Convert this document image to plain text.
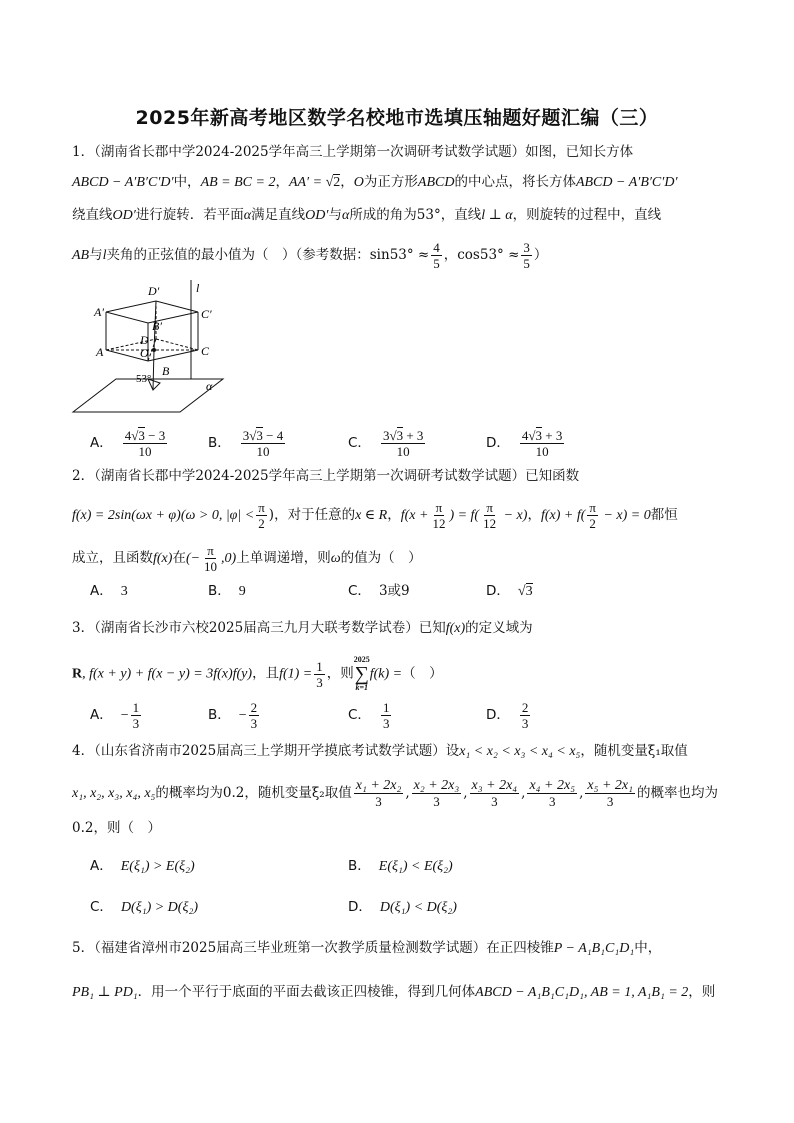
2025年新高考地区数学名校地市选填压轴题好题汇编（三）
1．（湖南省长郡中学2024-2025学年高三上学期第一次调研考试数学试题）如图，已知长方体
ABCD − A′B′C′D′中，AB = BC = 2，AA′ = √2，O为正方形ABCD的中心点，将长方体ABCD − A′B′C′D′
绕直线OD′进行旋转．若平面α满足直线OD′与α所成的角为53°，直线l ⊥ α，则旋转的过程中，直线
AB与l夹角的正弦值的最小值为（　）（参考数据：$\sin 53^\circ \approx \frac{4}{5}$ ，$\cos 53^\circ \approx \frac{3}{5}$ ）
D′	l
A′	C′
B′
D
O
A	C
B
53°	α
A． $\frac{4√3 - 3}{10}$	B． $\frac{3√3 - 4}{10}$	C． $\frac{3√3 + 3}{10}$	D． $\frac{4√3 + 3}{10}$
2．（湖南省长郡中学2024-2025学年高三上学期第一次调研考试数学试题）已知函数
f(x) = 2sin(ωx + φ)(ω > 0, $|\varphi| < \frac{\pi}{2}$ )，对于任意的x ∈ R，$f(x + \frac{\pi}{12}$ ) = $f( \frac{\pi}{12} - x)$，$f(x) + f( \frac{\pi}{2} - x) = 0$都恒
成立，且函数f(x)在(− $\frac{\pi}{10} ,0$)上单调递增，则ω的值为（　）
A． 3	B． 9	C． 3或9	D． √3
3．（湖南省长沙市六校2025届高三九月大联考数学试卷）已知f(x)的定义域为
R, f(x + y) + f(x − y) = 3f(x)f(y)，且$f(1) = \frac{1}{3}$ ，则
2025
∑
k=1
f(k) =（　）
A． − $\frac{1}{3}$	B． − $\frac{2}{3}$	C． $\frac{1}{3}$	D． $\frac{2}{3}$
4．（山东省济南市2025届高三上学期开学摸底考试数学试题）设x₁ < x₂ < x₃ < x₄ < x₅，随机变量ξ₁取值
x₁, x₂, x₃, x₄, x₅的概率均为0.2，随机变量ξ₂取值 $\frac{\text{x₁ + 2x₂}}{3}$ , $\frac{\text{x₂ + 2x₃}}{3}$ , $\frac{\text{x₃ + 2x₄}}{3}$ , $\frac{\text{x₄ + 2x₅}}{3}$ , $\frac{\text{x₅ + 2x₁}}{3}$ 的概率也均为
0.2，则（　）
A． E(ξ₁) > E(ξ₂)	B． E(ξ₁) < E(ξ₂)
C． D(ξ₁) > D(ξ₂)	D． D(ξ₁) < D(ξ₂)
5．（福建省漳州市2025届高三毕业班第一次教学质量检测数学试题）在正四棱锥P − A₁B₁C₁D₁中，
PB₁ ⊥ PD₁．用一个平行于底面的平面去截该正四棱锥，得到几何体ABCD − A₁B₁C₁D₁, AB = 1, A₁B₁ = 2，则
